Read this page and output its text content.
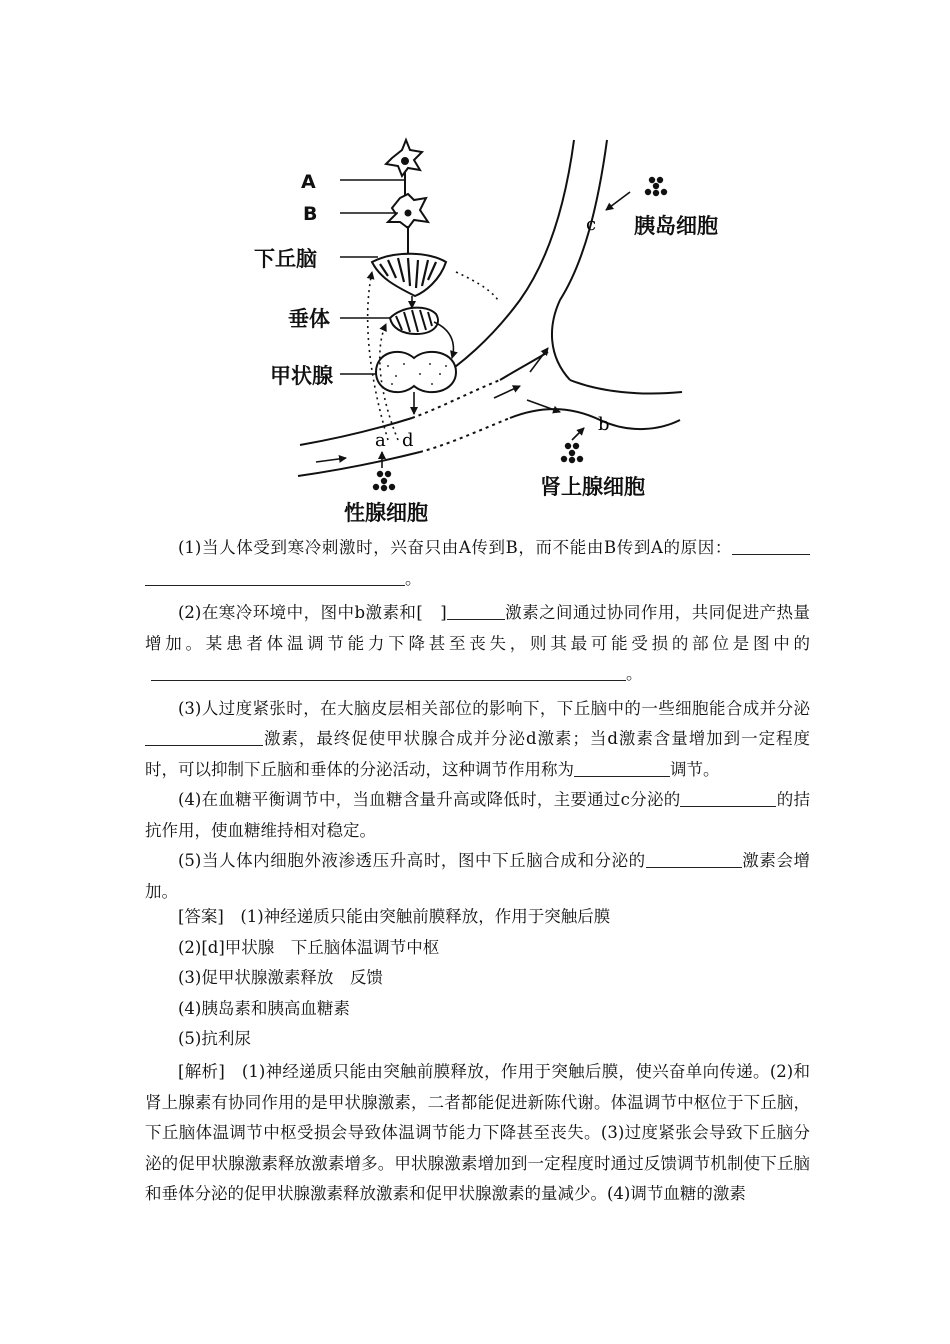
A
B
下丘脑
垂体
甲状腺
性腺细胞
肾上腺细胞
胰岛细胞
a d
b
c

(1)当人体受到寒冷刺激时，兴奋只由A传到B，而不能由B传到A的原因：。

(2)在寒冷环境中，图中b激素和[　]	激素之间通过协同作用，共同促进产热量增加。某患者体温调节能力下降甚至丧失，则其最可能受损的部位是图中的。

(3)人过度紧张时，在大脑皮层相关部位的影响下，下丘脑中的一些细胞能合成并分泌激素，最终促使甲状腺合成并分泌d激素；当d激素含量增加到一定程度时，可以抑制下丘脑和垂体的分泌活动，这种调节作用称为	调节。

(4)在血糖平衡调节中，当血糖含量升高或降低时，主要通过c分泌的	的拮抗作用，使血糖维持相对稳定。

(5)当人体内细胞外液渗透压升高时，图中下丘脑合成和分泌的	激素会增加。

[答案]　(1)神经递质只能由突触前膜释放，作用于突触后膜

(2)[d]甲状腺　下丘脑体温调节中枢

(3)促甲状腺激素释放　反馈

(4)胰岛素和胰高血糖素

(5)抗利尿

[解析]　(1)神经递质只能由突触前膜释放，作用于突触后膜，使兴奋单向传递。(2)和肾上腺素有协同作用的是甲状腺激素，二者都能促进新陈代谢。体温调节中枢位于下丘脑，下丘脑体温调节中枢受损会导致体温调节能力下降甚至丧失。(3)过度紧张会导致下丘脑分泌的促甲状腺激素释放激素增多。甲状腺激素增加到一定程度时通过反馈调节机制使下丘脑和垂体分泌的促甲状腺激素释放激素和促甲状腺激素的量减少。(4)调节血糖的激素
